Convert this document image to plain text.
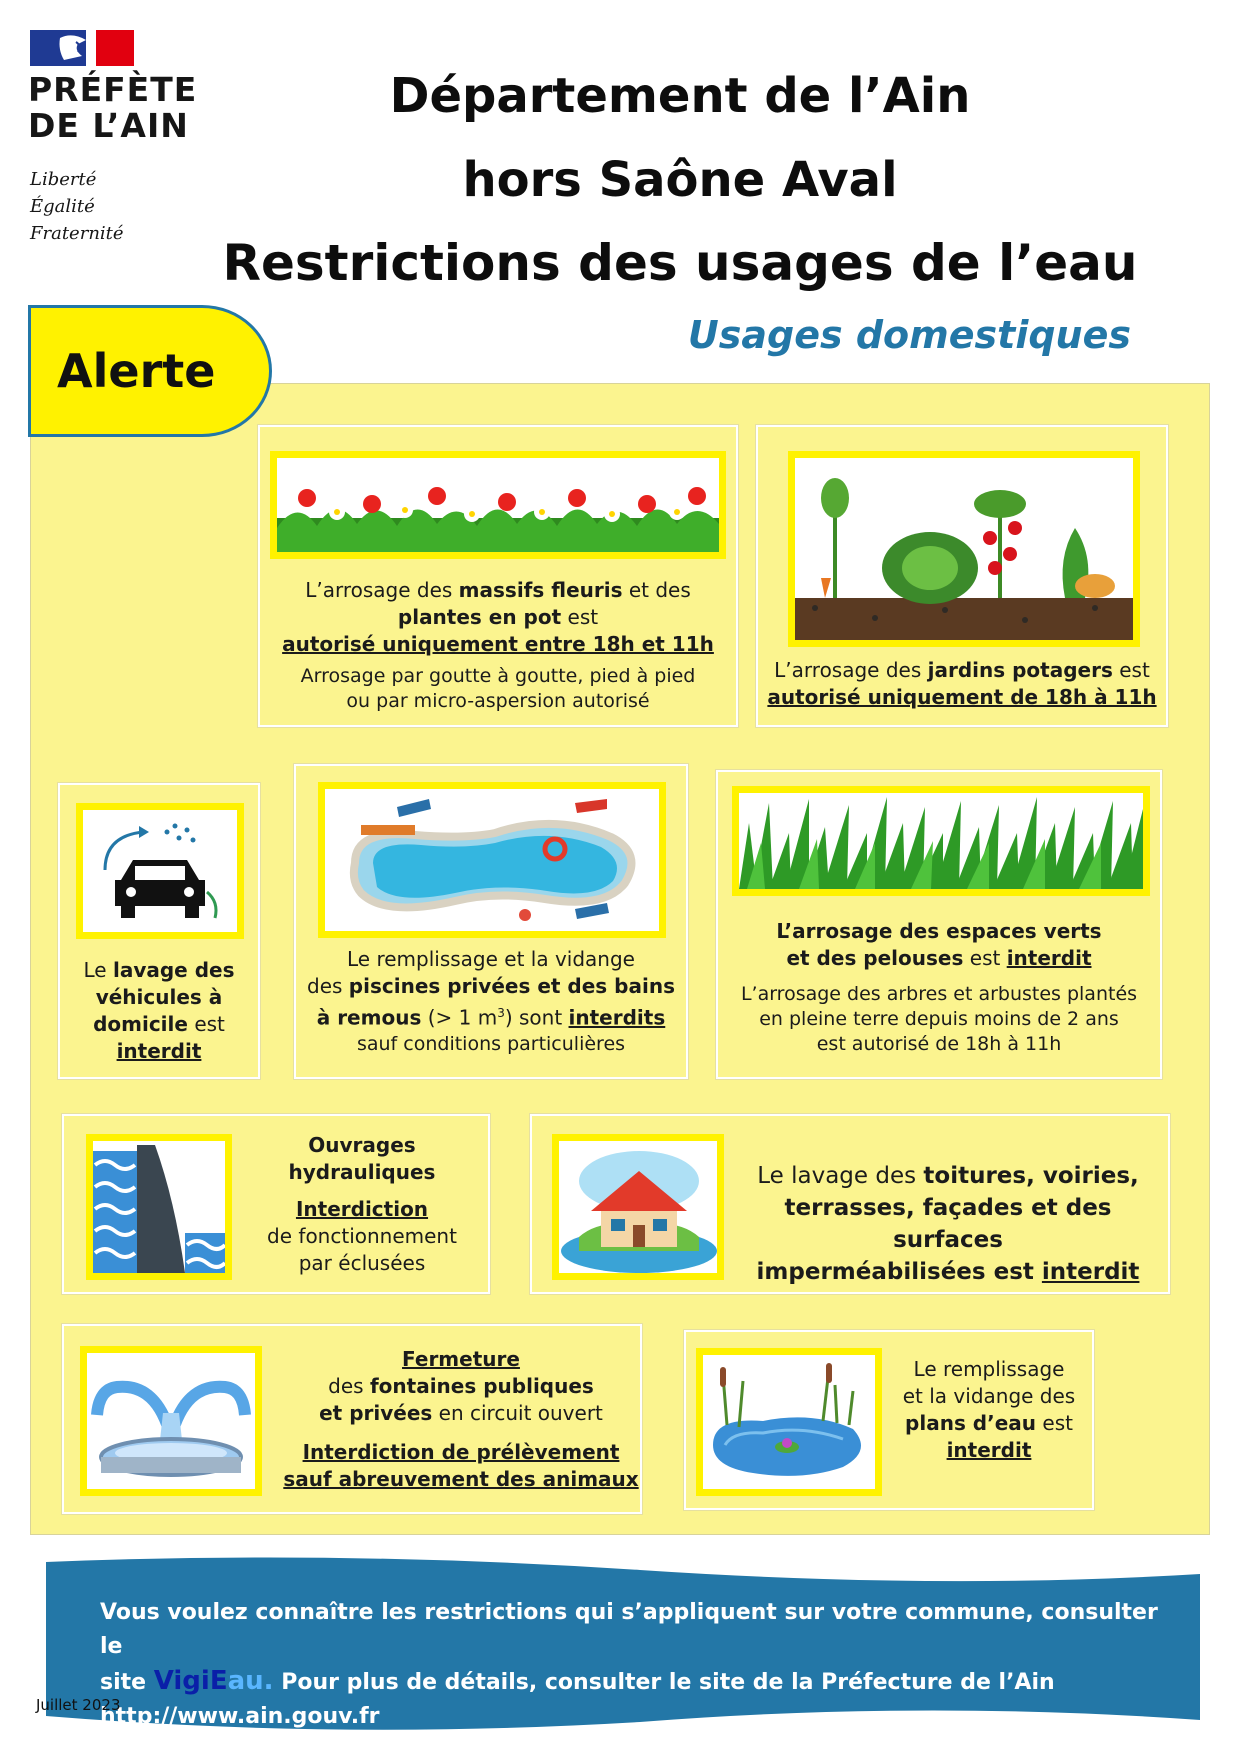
PRÉFÈTE
DE L’AIN
Liberté
Égalité
Fraternité
Département de l’Ain
hors Saône Aval
Restrictions des usages de l’eau
Usages domestiques
Alerte
L’arrosage des massifs fleuris et des
plantes en pot est
autorisé uniquement entre 18h et 11h
Arrosage par goutte à goutte, pied à pied
ou par micro-aspersion autorisé
L’arrosage des jardins potagers est
autorisé uniquement de 18h à 11h
Le lavage des
véhicules à
domicile est
interdit
Le remplissage et la vidange
des piscines privées et des bains
à remous (> 1 $m^3$) sont interdits
sauf conditions particulières
L’arrosage des espaces verts
et des pelouses est interdit
L’arrosage des arbres et arbustes plantés
en pleine terre depuis moins de 2 ans
est autorisé de 18h à 11h
Ouvrages hydrauliques
Interdiction
de fonctionnement
par éclusées
Le lavage des toitures, voiries,
terrasses, façades et des surfaces
imperméabilisées est interdit
Fermeture
des fontaines publiques
et privées en circuit ouvert
Interdiction de prélèvement
sauf abreuvement des animaux
Le remplissage
et la vidange des
plans d’eau est
interdit
Vous voulez connaître les restrictions qui s’appliquent sur votre commune, consulter le
site VigiEau. Pour plus de détails, consulter le site de la Préfecture de l’Ain
http://www.ain.gouv.fr
Juillet 2023
